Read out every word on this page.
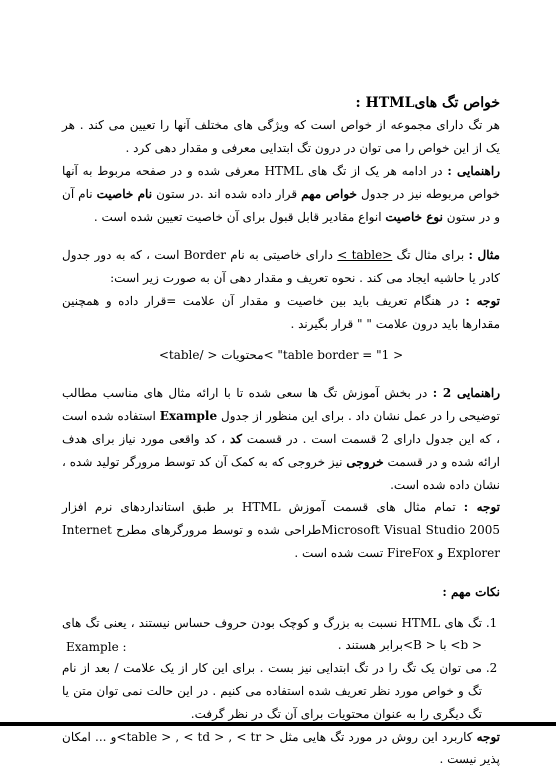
خواص تگ هایHTML :

هر تگ دارای مجموعه از خواص است که ویژگی های مختلف آنها را تعیین می کند . هر یک از این خواص را می توان در درون تگ ابتدایی معرفی و مقدار دهی کرد .

راهنمایی : در ادامه هر یک از تگ های HTML معرفی شده و در صفحه مربوط به آنها خواص مربوطه نیز در جدول خواص مهم قرار داده شده اند .در ستون نام خاصیت نام آن و در ستون نوع خاصیت انواع مقادیر قابل قبول برای آن خاصیت تعیین شده است .

مثال : برای مثال تگ < table> دارای خاصیتی به نام Border است ، که به دور جدول کادر یا حاشیه ایجاد می کند . نحوه تعریف و مقدار دهی آن به صورت زیر است:

توجه : در هنگام تعریف باید بین خاصیت و مقدار آن علامت =قرار داده و همچنین مقدارها باید درون علامت " " قرار بگیرند .

< table border = "1" >محتویات < /table>

راهنمایی 2 : در بخش آموزش تگ ها سعی شده تا با ارائه مثال های مناسب مطالب توضیحی را در عمل نشان داد . برای این منظور از جدول Example استفاده شده است ، که این جدول دارای 2 قسمت است . در قسمت کد ، کد واقعی مورد نیاز برای هدف ارائه شده و در قسمت خروجی نیز خروجی که به کمک آن کد توسط مرورگر تولید شده ، نشان داده شده است.

توجه : تمام مثال های قسمت آموزش HTML بر طبق استانداردهای نرم افزار Microsoft Visual Studio 2005طراحی شده و توسط مرورگرهای مطرح Internet Explorer و FireFox تست شده است .

نکات مهم :

1. تگ های HTML نسبت به بزرگ و کوچک بودن حروف حساس نیستند ، یعنی تگ های < b> با < B>برابر هستند .
2. می توان یک تگ را در تگ ابتدایی نیز بست . برای این کار از یک علامت / بعد از نام تگ و خواص مورد نظر تعریف شده استفاده می کنیم . در این حالت نمی توان متن یا تگ دیگری را به عنوان محتویات برای آن تگ در نظر گرفت.

توجه کاربرد این روش در مورد تگ هایی مثل < table > , < td > , < tr>و ... امکان پذیر نیست .

Example :
